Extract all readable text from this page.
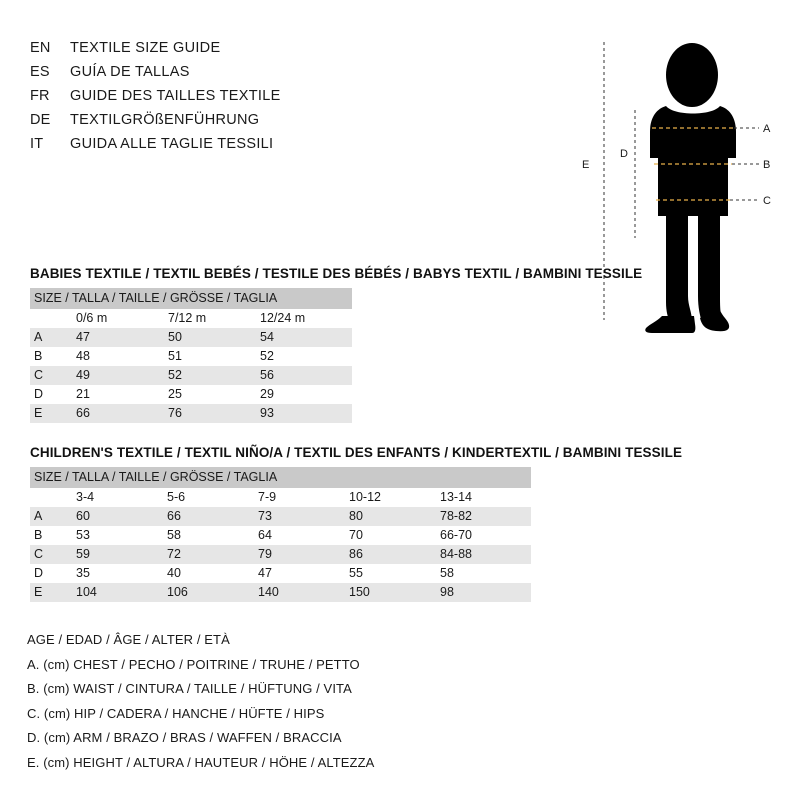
EN	TEXTILE SIZE GUIDE
ES	GUÍA DE TALLAS
FR	GUIDE DES TAILLES TEXTILE
DE	TEXTILGRÖßENFÜHRUNG
IT	GUIDA ALLE TAGLIE TESSILI
A
B
C
E
D
BABIES TEXTILE / TEXTIL BEBÉS / TESTILE DES BÉBÉS / BABYS TEXTIL / BAMBINI TESSILE
SIZE / TALLA / TAILLE / GRÖSSE / TAGLIA			
	0/6 m	7/12 m	12/24 m
A	47	50	54
B	48	51	52
C	49	52	56
D	21	25	29
E	66	76	93
CHILDREN'S TEXTILE / TEXTIL NIÑO/A / TEXTIL DES ENFANTS / KINDERTEXTIL / BAMBINI TESSILE
SIZE / TALLA / TAILLE / GRÖSSE / TAGLIA					
	3-4	5-6	7-9	10-12	13-14
A	60	66	73	80	78-82
B	53	58	64	70	66-70
C	59	72	79	86	84-88
D	35	40	47	55	58
E	104	106	140	150	98
AGE / EDAD / ÂGE / ALTER / ETÀ
A. (cm) CHEST / PECHO / POITRINE / TRUHE / PETTO
B. (cm) WAIST / CINTURA / TAILLE / HÜFTUNG / VITA
C. (cm) HIP / CADERA / HANCHE / HÜFTE / HIPS
D. (cm) ARM / BRAZO / BRAS / WAFFEN / BRACCIA
E. (cm) HEIGHT / ALTURA / HAUTEUR / HÖHE / ALTEZZA
